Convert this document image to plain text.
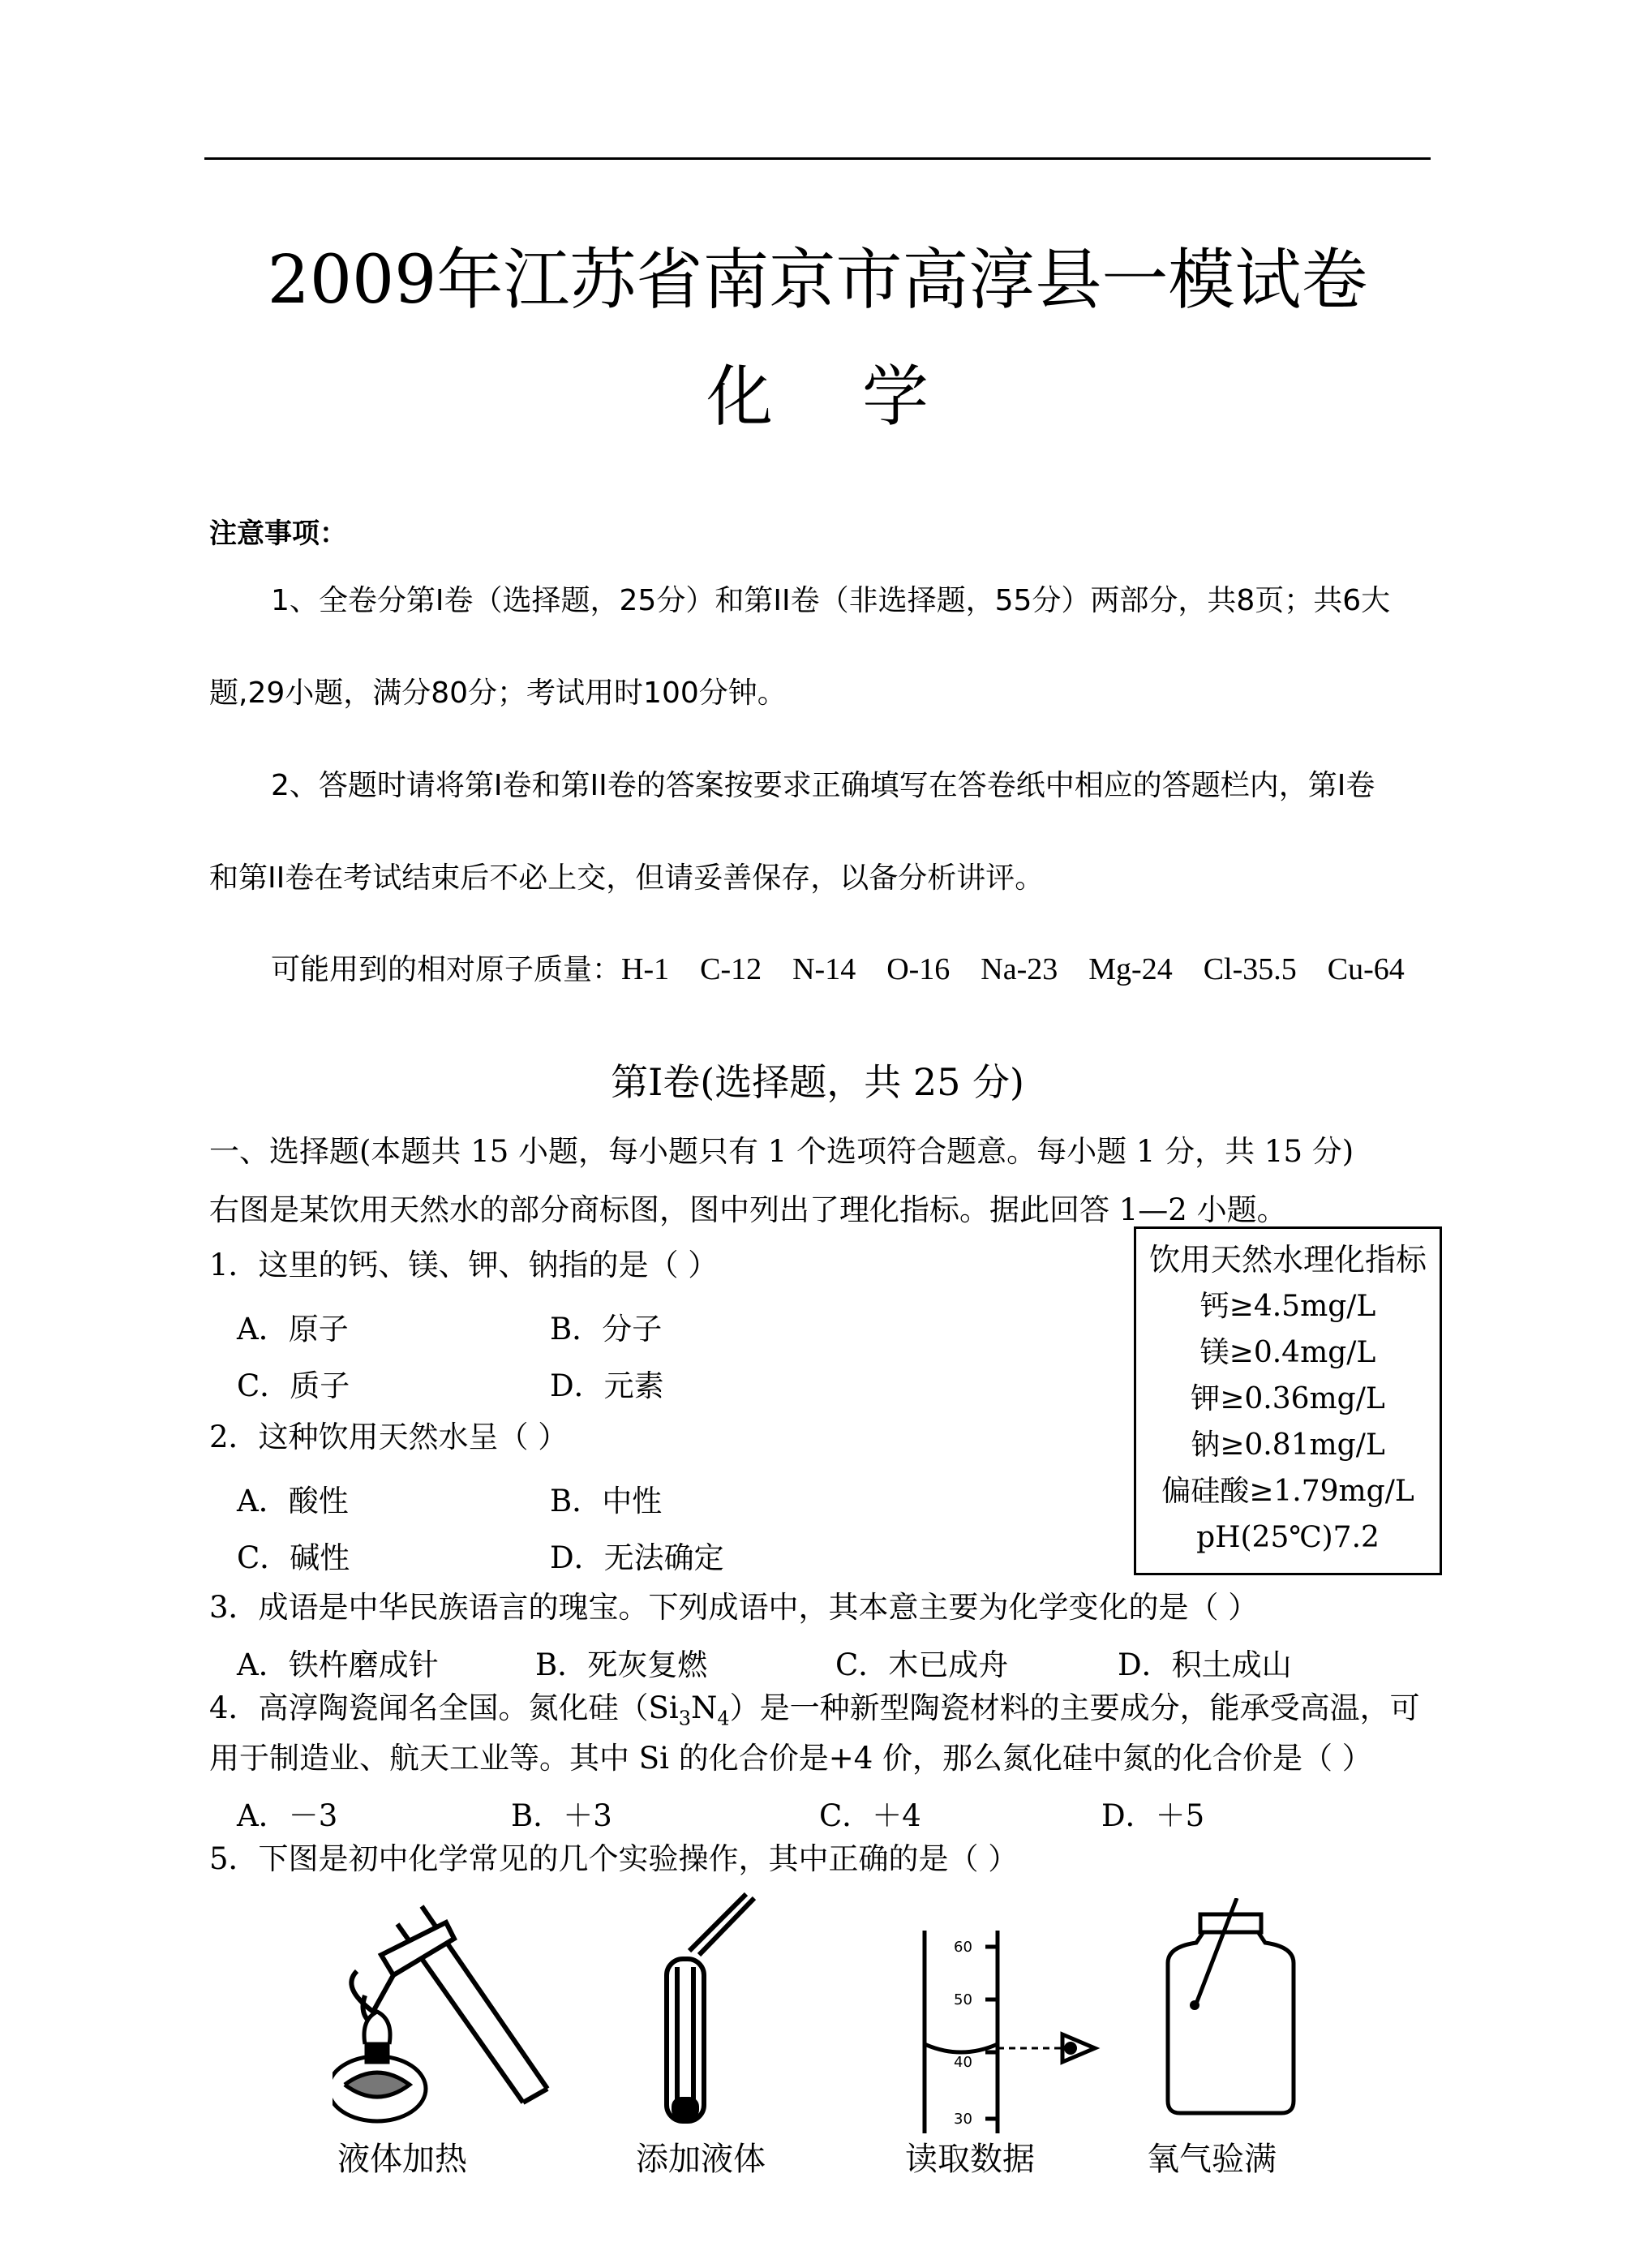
2009年江苏省南京市高淳县一模试卷
化学
注意事项：
1、全卷分第I卷（选择题，25分）和第II卷（非选择题，55分）两部分，共8页；共6大
题,29小题，满分80分；考试用时100分钟。
2、答题时请将第I卷和第II卷的答案按要求正确填写在答卷纸中相应的答题栏内，第I卷
和第II卷在考试结束后不必上交，但请妥善保存，以备分析讲评。
可能用到的相对原子质量：H-1    C-12    N-14    O-16    Na-23    Mg-24    Cl-35.5    Cu-64
第I卷(选择题，共 25 分)
一、选择题(本题共 15 小题，每小题只有 1 个选项符合题意。每小题 1 分，共 15 分)
右图是某饮用天然水的部分商标图，图中列出了理化指标。据此回答 1—2 小题。
饮用天然水理化指标
钙≥4.5mg/L
镁≥0.4mg/L
钾≥0.36mg/L
钠≥0.81mg/L
偏硅酸≥1.79mg/L
pH(25℃)7.2
1．这里的钙、镁、钾、钠指的是（ ）
A．原子	B．分子
C．质子	D．元素
2．这种饮用天然水呈（ ）
A．酸性	B．中性
C．碱性	D．无法确定
3．成语是中华民族语言的瑰宝。下列成语中，其本意主要为化学变化的是（ ）
A．铁杵磨成针	B．死灰复燃	C．木已成舟	D．积土成山
4．高淳陶瓷闻名全国。氮化硅$(Si_3N_4)$是一种新型陶瓷材料的主要成分，能承受高温，可
用于制造业、航天工业等。其中 Si 的化合价是+4 价，那么氮化硅中氮的化合价是（ ）
A．－3	B．＋3	C．＋4	D．＋5
5．下图是初中化学常见的几个实验操作，其中正确的是（ ）
60
50
40
30
液体加热	添加液体	读取数据	氧气验满
